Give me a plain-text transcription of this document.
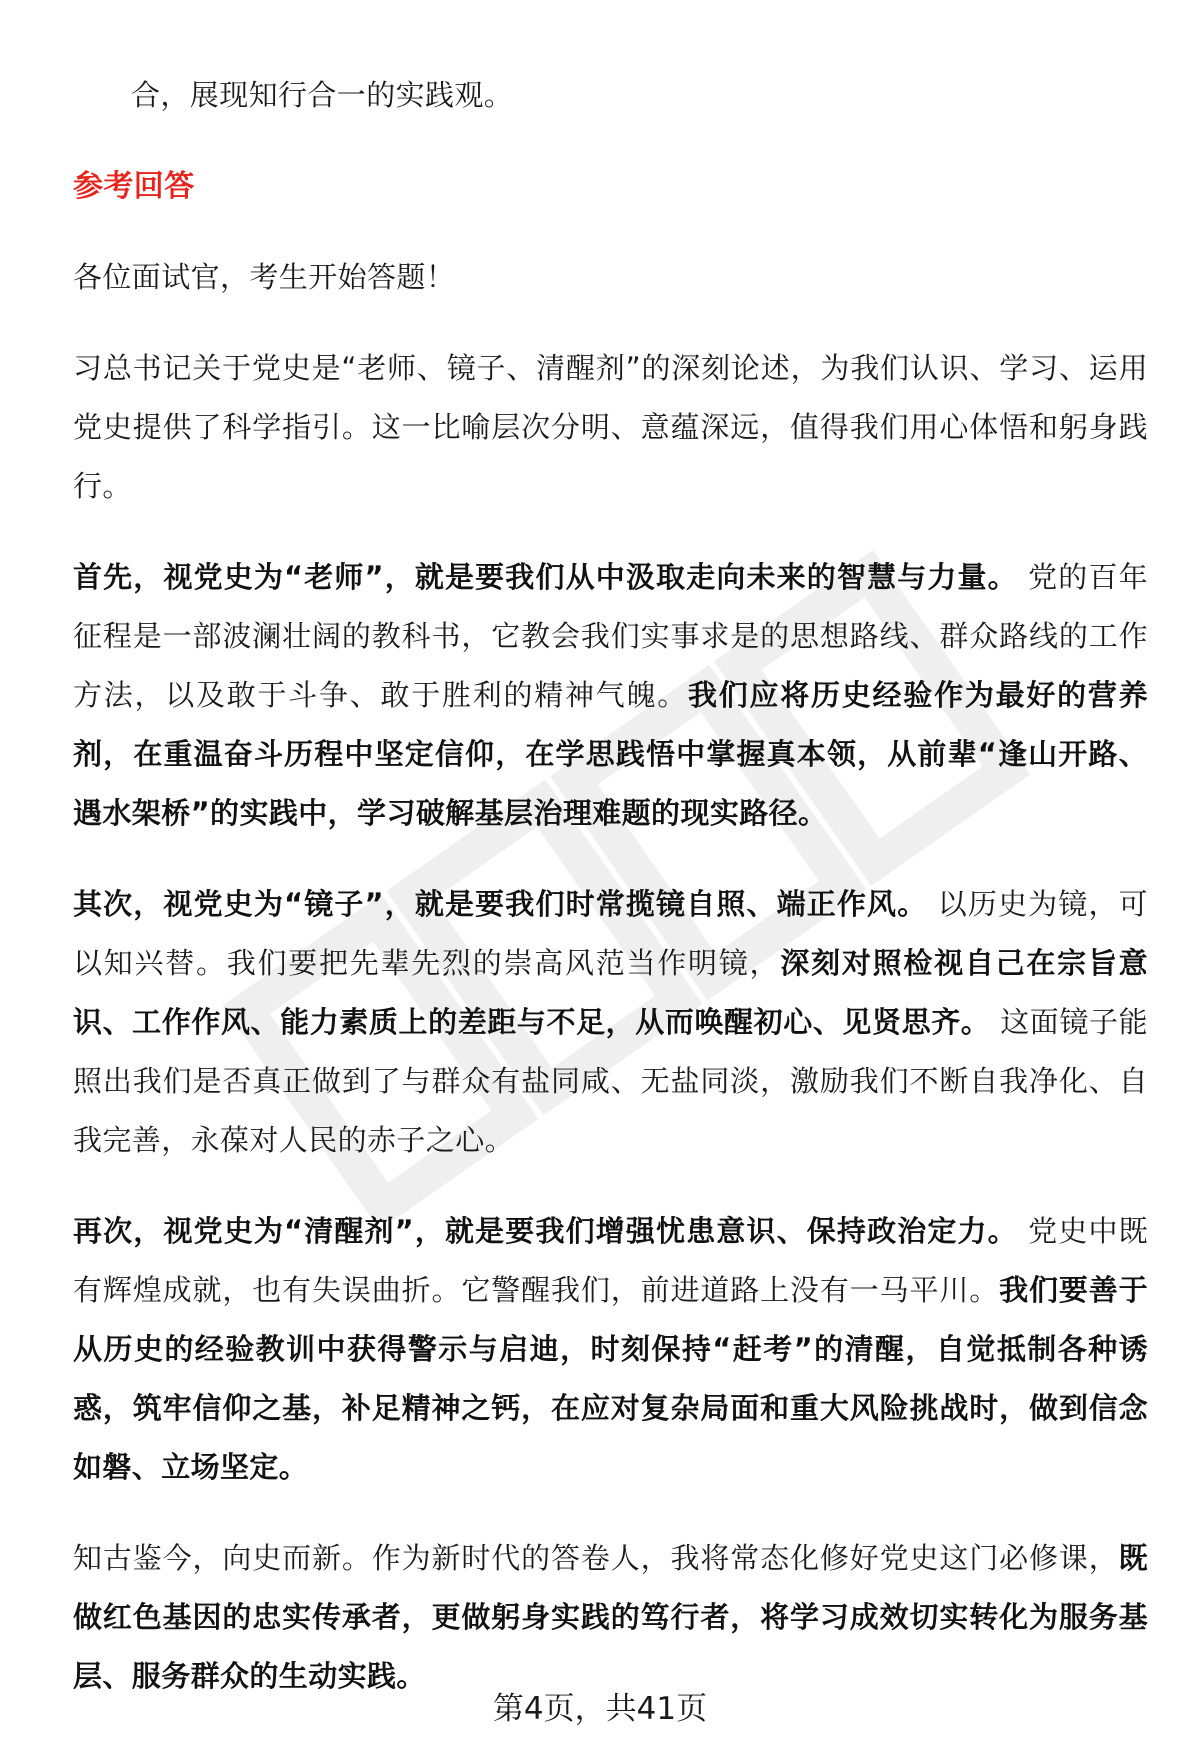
合，展现知行合一的实践观。

参考回答

各位面试官，考生开始答题！

习总书记关于党史是“老师、镜子、清醒剂”的深刻论述，为我们认识、学习、运用党史提供了科学指引。这一比喻层次分明、意蕴深远，值得我们用心体悟和躬身践行。

首先，视党史为“老师”，就是要我们从中汲取走向未来的智慧与力量。 党的百年征程是一部波澜壮阔的教科书，它教会我们实事求是的思想路线、群众路线的工作方法，以及敢于斗争、敢于胜利的精神气魄。我们应将历史经验作为最好的营养剂，在重温奋斗历程中坚定信仰，在学思践悟中掌握真本领，从前辈“逢山开路、遇水架桥”的实践中，学习破解基层治理难题的现实路径。

其次，视党史为“镜子”，就是要我们时常揽镜自照、端正作风。 以历史为镜，可以知兴替。我们要把先辈先烈的崇高风范当作明镜，深刻对照检视自己在宗旨意识、工作作风、能力素质上的差距与不足，从而唤醒初心、见贤思齐。 这面镜子能照出我们是否真正做到了与群众有盐同咸、无盐同淡，激励我们不断自我净化、自我完善，永葆对人民的赤子之心。

再次，视党史为“清醒剂”，就是要我们增强忧患意识、保持政治定力。 党史中既有辉煌成就，也有失误曲折。它警醒我们，前进道路上没有一马平川。我们要善于从历史的经验教训中获得警示与启迪，时刻保持“赶考”的清醒，自觉抵制各种诱惑，筑牢信仰之基，补足精神之钙，在应对复杂局面和重大风险挑战时，做到信念如磐、立场坚定。

知古鉴今，向史而新。作为新时代的答卷人，我将常态化修好党史这门必修课，既做红色基因的忠实传承者，更做躬身实践的笃行者，将学习成效切实转化为服务基层、服务群众的生动实践。

第4页，共41页
